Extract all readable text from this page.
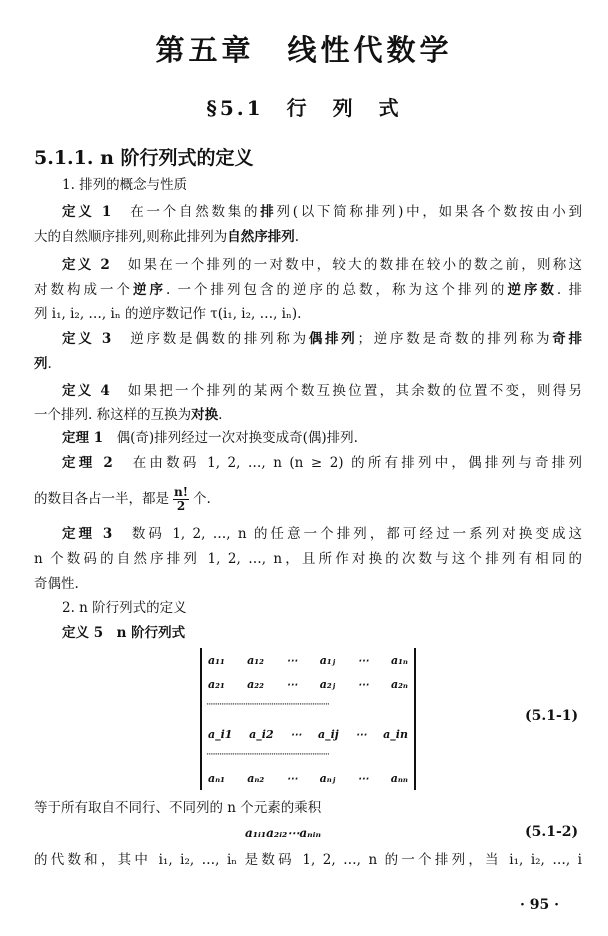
第五章　线性代数学
§5.1　行　列　式
5.1.1. n 阶行列式的定义
1. 排列的概念与性质
定义 1　在一个自然数集的排列(以下简称排列)中，如果各个数按由小到
大的自然顺序排列,则称此排列为自然序排列.
定义 2　如果在一个排列的一对数中，较大的数排在较小的数之前，则称这
对数构成一个逆序. 一个排列包含的逆序的总数，称为这个排列的逆序数. 排
列 i₁, i₂, …, iₙ 的逆序数记作 τ(i₁, i₂, …, iₙ).
定义 3　逆序数是偶数的排列称为偶排列；逆序数是奇数的排列称为奇排
列.
定义 4　如果把一个排列的某两个数互换位置，其余数的位置不变，则得另
一个排列. 称这样的互换为对换.
定理 1　偶(奇)排列经过一次对换变成奇(偶)排列.
定理 2　在由数码 1, 2, …, n (n ≥ 2) 的所有排列中，偶排列与奇排列
的数目各占一半，都是 $\frac{n!}{2}$ 个.
定理 3　数码 1, 2, …, n 的任意一个排列，都可经过一系列对换变成这
n 个数码的自然序排列 1, 2, …, n，且所作对换的次数与这个排列有相同的
奇偶性.
2. n 阶行列式的定义
定义 5　 n 阶行列式
等于所有取自不同行、不同列的 n 个元素的乘积
的代数和，其中 i₁, i₂, …, iₙ 是数码 1, 2, …, n 的一个排列，当 i₁, i₂, …, i
a₁₁ a₁₂ ⋯ a₁ⱼ ⋯ a₁ₙ
a₂₁ a₂₂ ⋯ a₂ⱼ ⋯ a₂ₙ
··································································
a_i1 a_i2 ⋯ a_ij ⋯ a_in
··································································
aₙ₁ aₙ₂ ⋯ aₙⱼ ⋯ aₙₙ
(5.1-1)
a₁ᵢ₁a₂ᵢ₂⋯aₙᵢₙ	(5.1-2)
· 95 ·
